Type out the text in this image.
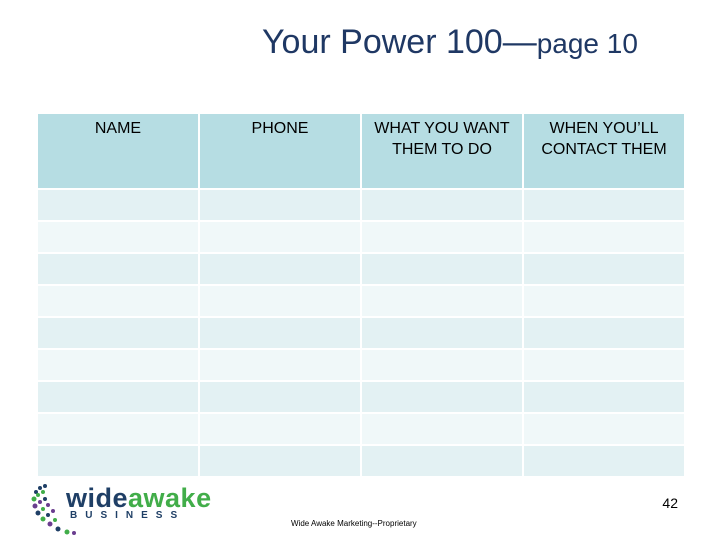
Your Power 100—page 10
NAME	PHONE	WHAT YOU WANT THEM TO DO	WHEN YOU’LL CONTACT THEM

wideawake
BUSINESS
42
Wide Awake Marketing--Proprietary
